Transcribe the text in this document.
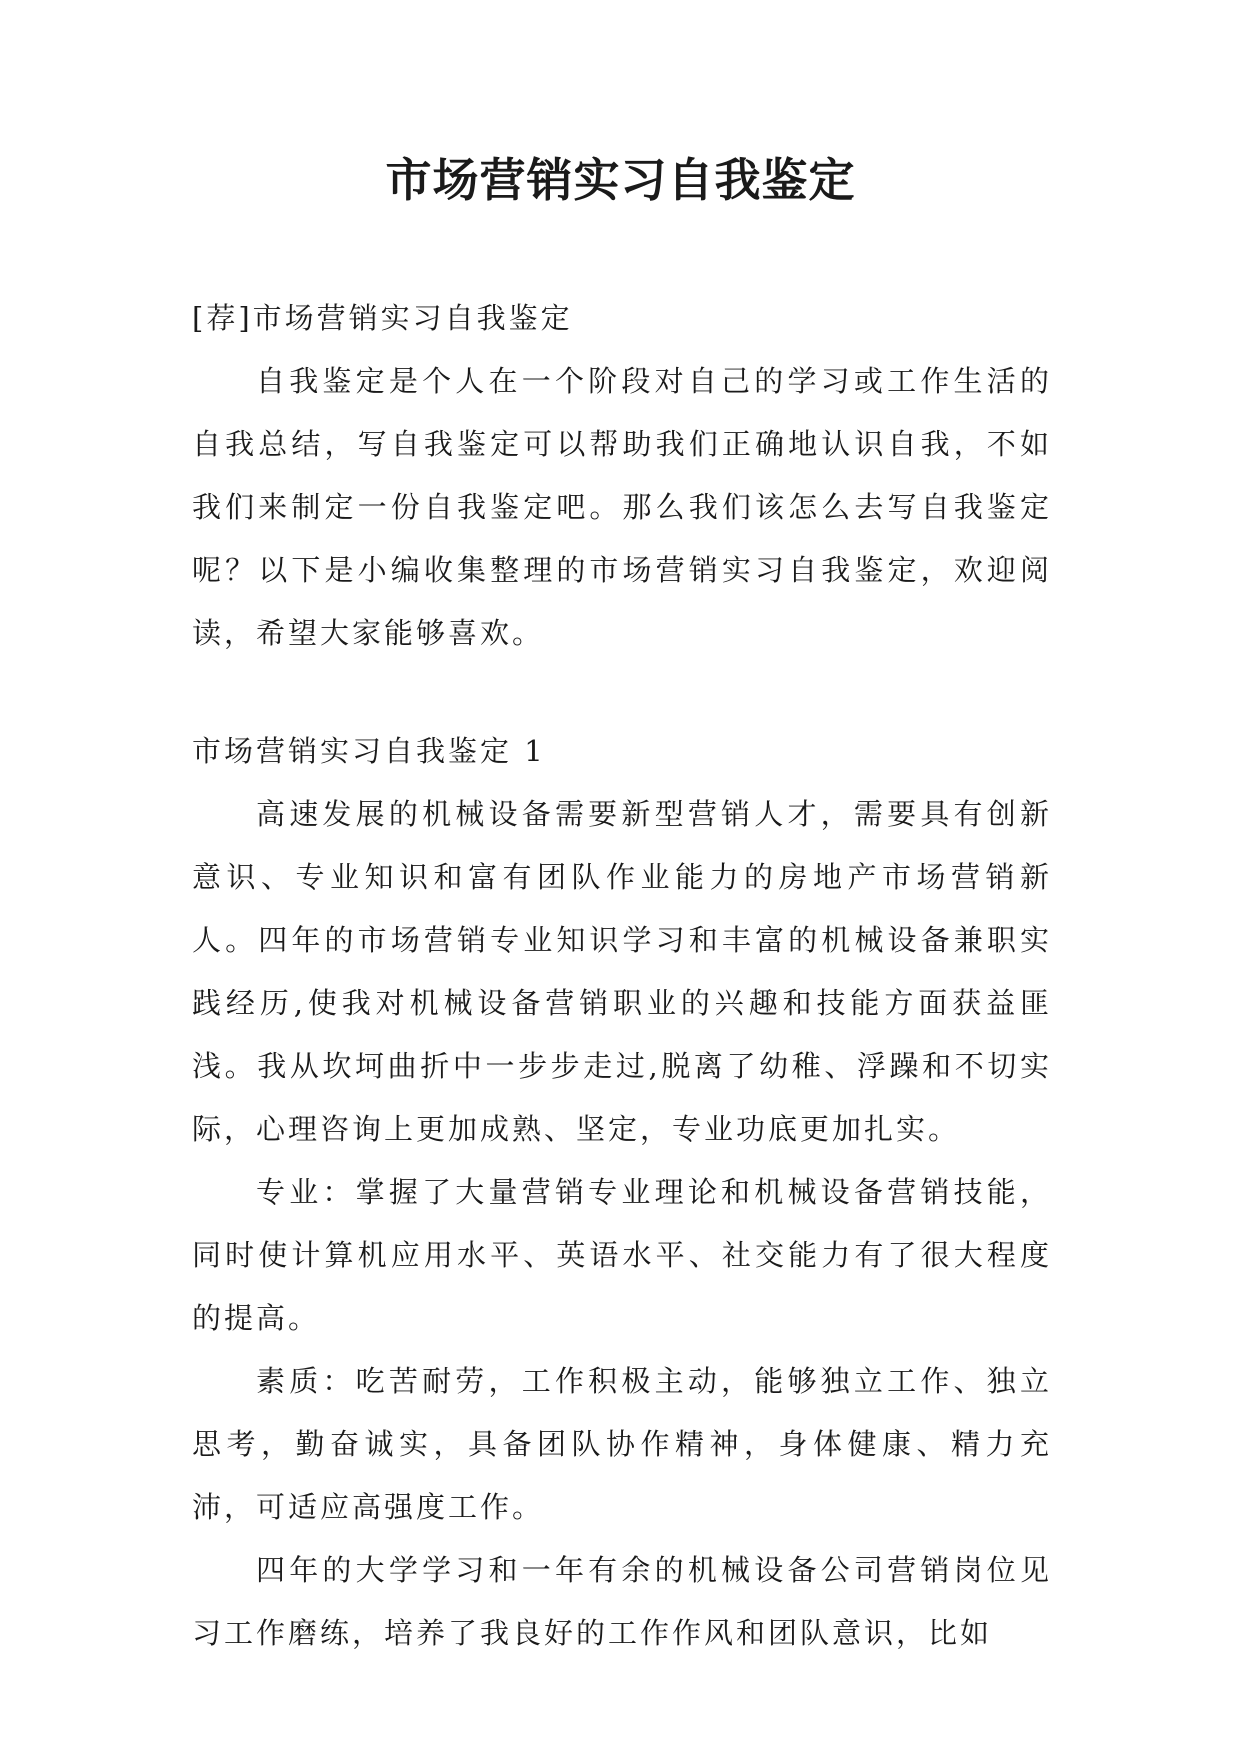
市场营销实习自我鉴定

[荐]市场营销实习自我鉴定

自我鉴定是个人在一个阶段对自己的学习或工作生活的自我总结，写自我鉴定可以帮助我们正确地认识自我，不如我们来制定一份自我鉴定吧。那么我们该怎么去写自我鉴定呢？以下是小编收集整理的市场营销实习自我鉴定，欢迎阅读，希望大家能够喜欢。

市场营销实习自我鉴定 1

高速发展的机械设备需要新型营销人才，需要具有创新意识、专业知识和富有团队作业能力的房地产市场营销新人。四年的市场营销专业知识学习和丰富的机械设备兼职实践经历,使我对机械设备营销职业的兴趣和技能方面获益匪浅。我从坎坷曲折中一步步走过,脱离了幼稚、浮躁和不切实际，心理咨询上更加成熟、坚定，专业功底更加扎实。

专业：掌握了大量营销专业理论和机械设备营销技能，同时使计算机应用水平、英语水平、社交能力有了很大程度的提高。

素质：吃苦耐劳，工作积极主动，能够独立工作、独立思考，勤奋诚实，具备团队协作精神，身体健康、精力充沛，可适应高强度工作。

四年的大学学习和一年有余的机械设备公司营销岗位见习工作磨练，培养了我良好的工作作风和团队意识，比如
